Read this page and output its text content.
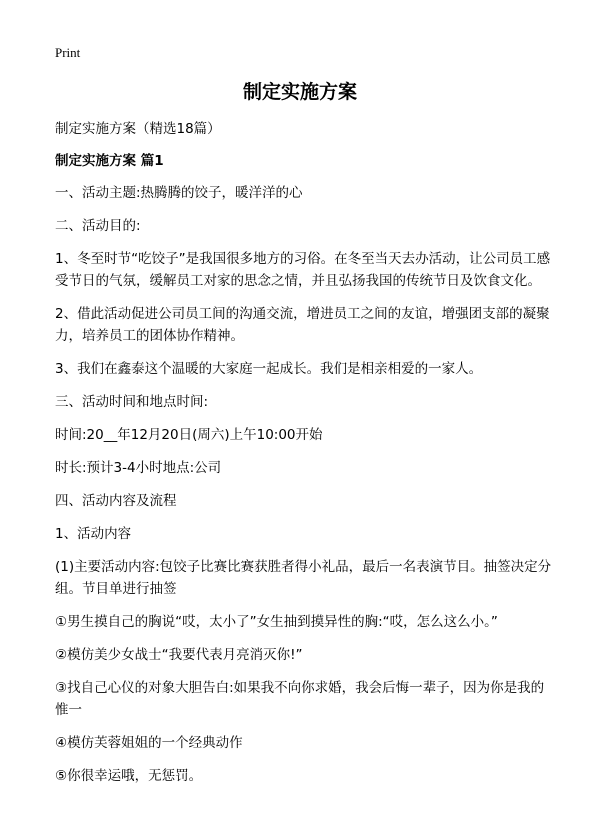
Print
制定实施方案
制定实施方案（精选18篇）
制定实施方案 篇1
一、活动主题:热腾腾的饺子，暖洋洋的心
二、活动目的:
1、冬至时节“吃饺子”是我国很多地方的习俗。在冬至当天去办活动，让公司员工感受节日的气氛，缓解员工对家的思念之情，并且弘扬我国的传统节日及饮食文化。
2、借此活动促进公司员工间的沟通交流，增进员工之间的友谊，增强团支部的凝聚力，培养员工的团体协作精神。
3、我们在鑫泰这个温暖的大家庭一起成长。我们是相亲相爱的一家人。
三、活动时间和地点时间:
时间:20__年12月20日(周六)上午10:00开始
时长:预计3-4小时地点:公司
四、活动内容及流程
1、活动内容
(1)主要活动内容:包饺子比赛比赛获胜者得小礼品，最后一名表演节目。抽签决定分组。节目单进行抽签
①男生摸自己的胸说“哎，太小了”女生抽到摸异性的胸:“哎，怎么这么小。”
②模仿美少女战士“我要代表月亮消灭你!”
③找自己心仪的对象大胆告白:如果我不向你求婚，我会后悔一辈子，因为你是我的惟一
④模仿芙蓉姐姐的一个经典动作
⑤你很幸运哦，无惩罚。
